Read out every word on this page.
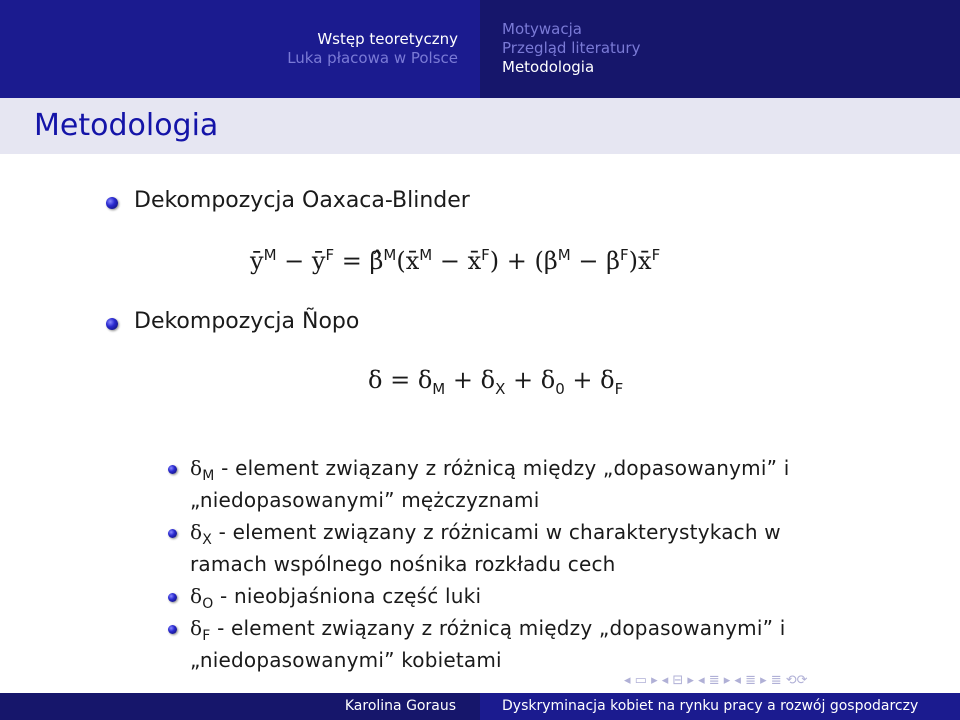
Wstęp teoretyczny
Luka płacowa w Polsce
Motywacja
Przegląd literatury
Metodologia
Metodologia
Dekompozycja Oaxaca-Blinder
$ȳ^M$ − $ȳ^F$ = β̂$^M$(x̄$^M$ − x̄$^F$) + ($\beta^M$ − $\beta^F)x̄^F$
Dekompozycja Ñopo
$\delta = \delta_M + \delta_X + \delta_0 + \delta_F$
$\delta_M$ - element związany z różnicą między „dopasowanymi” i
„niedopasowanymi” mężczyznami
$\delta_X$ - element związany z różnicami w charakterystykach w
ramach wspólnego nośnika rozkładu cech
$\delta_O$ - nieobjaśniona część luki
$\delta_F$ - element związany z różnicą między „dopasowanymi” i
„niedopasowanymi” kobietami
◂ ▭ ▸ ◂ ⊟ ▸ ◂ ≣ ▸ ◂ ≣ ▸ ≣ ⟲⟳
Karolina Goraus	Dyskryminacja kobiet na rynku pracy a rozwój gospodarczy
